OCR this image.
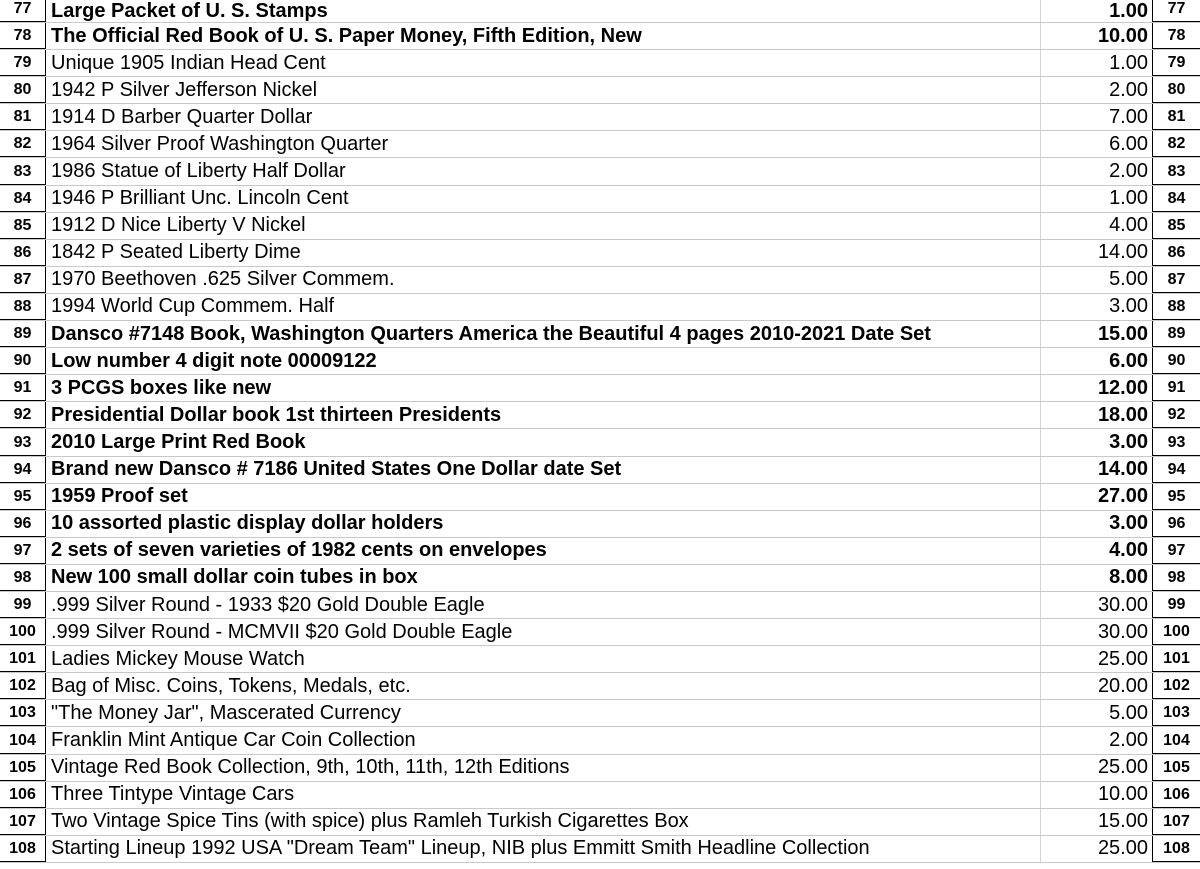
77 Large Packet of U. S. Stamps	1.00	77
78 The Official Red Book of U. S. Paper Money, Fifth Edition, New	10.00	78
79 Unique 1905 Indian Head Cent	1.00	79
80 1942 P Silver Jefferson Nickel	2.00	80
81 1914 D Barber Quarter Dollar	7.00	81
82 1964 Silver Proof Washington Quarter	6.00	82
83 1986 Statue of Liberty Half Dollar	2.00	83
84 1946 P Brilliant Unc. Lincoln Cent	1.00	84
85 1912 D Nice Liberty V Nickel	4.00	85
86 1842 P Seated Liberty Dime	14.00	86
87 1970 Beethoven .625 Silver Commem.	5.00	87
88 1994 World Cup Commem. Half	3.00	88
89 Dansco #7148 Book, Washington Quarters America the Beautiful 4 pages 2010-2021 Date Set	15.00	89
90 Low number 4 digit note 00009122	6.00	90
91 3 PCGS boxes like new	12.00	91
92 Presidential Dollar book 1st thirteen Presidents	18.00	92
93 2010 Large Print Red Book	3.00	93
94 Brand new Dansco # 7186 United States One Dollar date Set	14.00	94
95 1959 Proof set	27.00	95
96 10 assorted plastic display dollar holders	3.00	96
97 2 sets of seven varieties of 1982 cents on envelopes	4.00	97
98 New 100 small dollar coin tubes in box	8.00	98
99 .999 Silver Round - 1933 $20 Gold Double Eagle	30.00	99
100 .999 Silver Round - MCMVII $20 Gold Double Eagle	30.00 100
101 Ladies Mickey Mouse Watch	25.00 101
102 Bag of Misc. Coins, Tokens, Medals, etc.	20.00 102
103 "The Money Jar", Mascerated Currency	5.00 103
104 Franklin Mint Antique Car Coin Collection	2.00 104
105 Vintage Red Book Collection, 9th, 10th, 11th, 12th Editions	25.00 105
106 Three Tintype Vintage Cars	10.00 106
107 Two Vintage Spice Tins (with spice) plus Ramleh Turkish Cigarettes Box	15.00 107
108 Starting Lineup 1992 USA "Dream Team" Lineup, NIB plus Emmitt Smith Headline Collection	25.00 108
